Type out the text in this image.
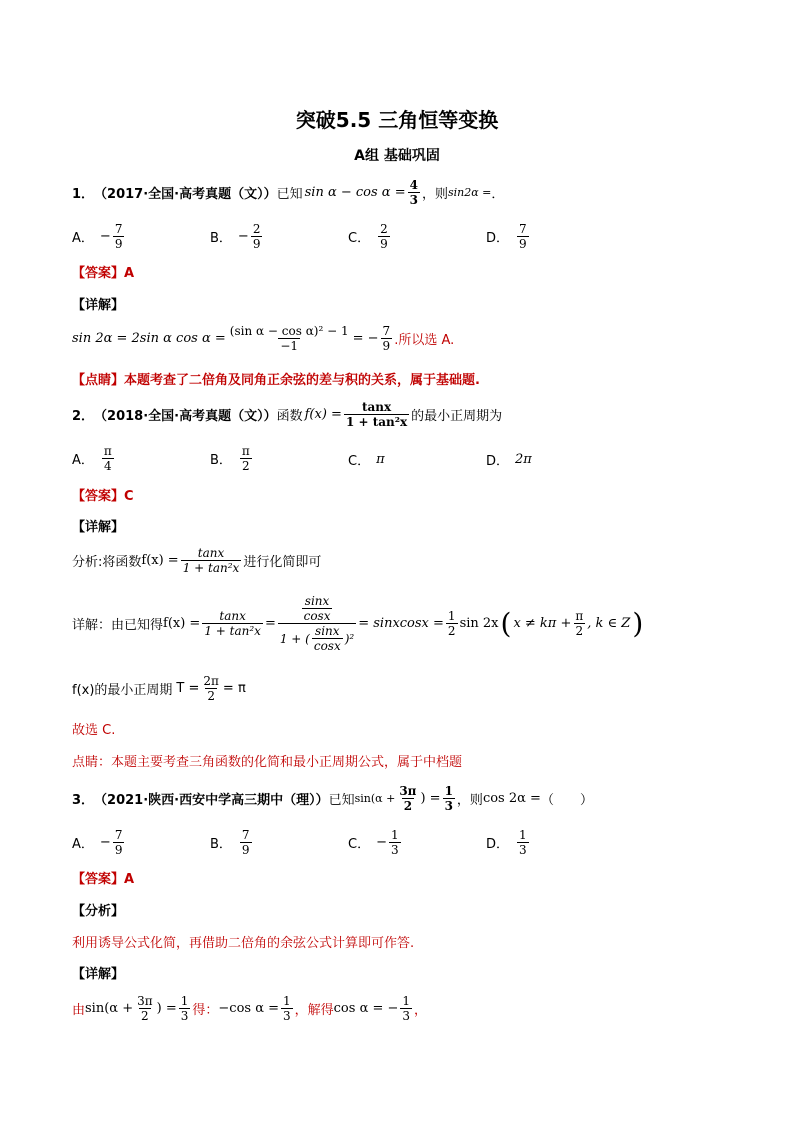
突破5.5 三角恒等变换
A组 基础巩固
1． （2017·全国·高考真题（文）） 已知 $\sin \alpha - \cos \alpha = \frac{4}{3}$ ，则 sin2α = ．
A． − $\frac{7}{9}$	B． − $\frac{2}{9}$	C． $\frac{2}{9}$	D． $\frac{7}{9}$
【答案】A
【详解】
sin 2α = 2sin α $\cos \alpha = \frac{\text{(sin α − cos α)² − 1}}{-1}$ = − $\frac{7}{9}$ .所以选 A.
【点睛】本题考查了二倍角及同角正余弦的差与积的关系，属于基础题.
2． （2018·全国·高考真题（文）） 函数 $f(x) = \frac{\tan x}{\text{1 + tan²x}}$ 的最小正周期为
A． $\frac{\pi}{4}$	B． $\frac{\pi}{2}$	C． π	D． 2π
【答案】C
【详解】
分析:将函数 $f(x) = \frac{\tan x}{\text{1 + tan²x}}$ 进行化简即可
详解：由已知得 $f(x) = \frac{\tan x}{\text{1 + tan²x}} = \frac{\frac{\sin x}{\cos x}}{1 + ( \frac{\sin x}{\cos x} )^2}$ = sinxcosx = $\frac{1}{2}$ sin 2x ( $x \ne k\pi + \frac{\pi}{2}$ , k ∈ Z )
f(x)的最小正周期 $T = \frac{2\pi}{2} = \pi$
故选 C.
点睛：本题主要考查三角函数的化简和最小正周期公式，属于中档题
3． （2021·陕西·西安中学高三期中（理）） 已知 $\sin(\alpha + \frac{3\pi}{2}$ ) = $\frac{1}{3}$ ，则 cos 2α = （　　）
A． − $\frac{7}{9}$	B． $\frac{7}{9}$	C． − $\frac{1}{3}$	D． $\frac{1}{3}$
【答案】A
【分析】
利用诱导公式化简，再借助二倍角的余弦公式计算即可作答.
【详解】
由 $\sin(\alpha + \frac{3\pi}{2}$ ) = $\frac{1}{3}$ 得： −cos $\alpha = \frac{1}{3}$ ，解得 cos α = − $\frac{1}{3}$ ，
